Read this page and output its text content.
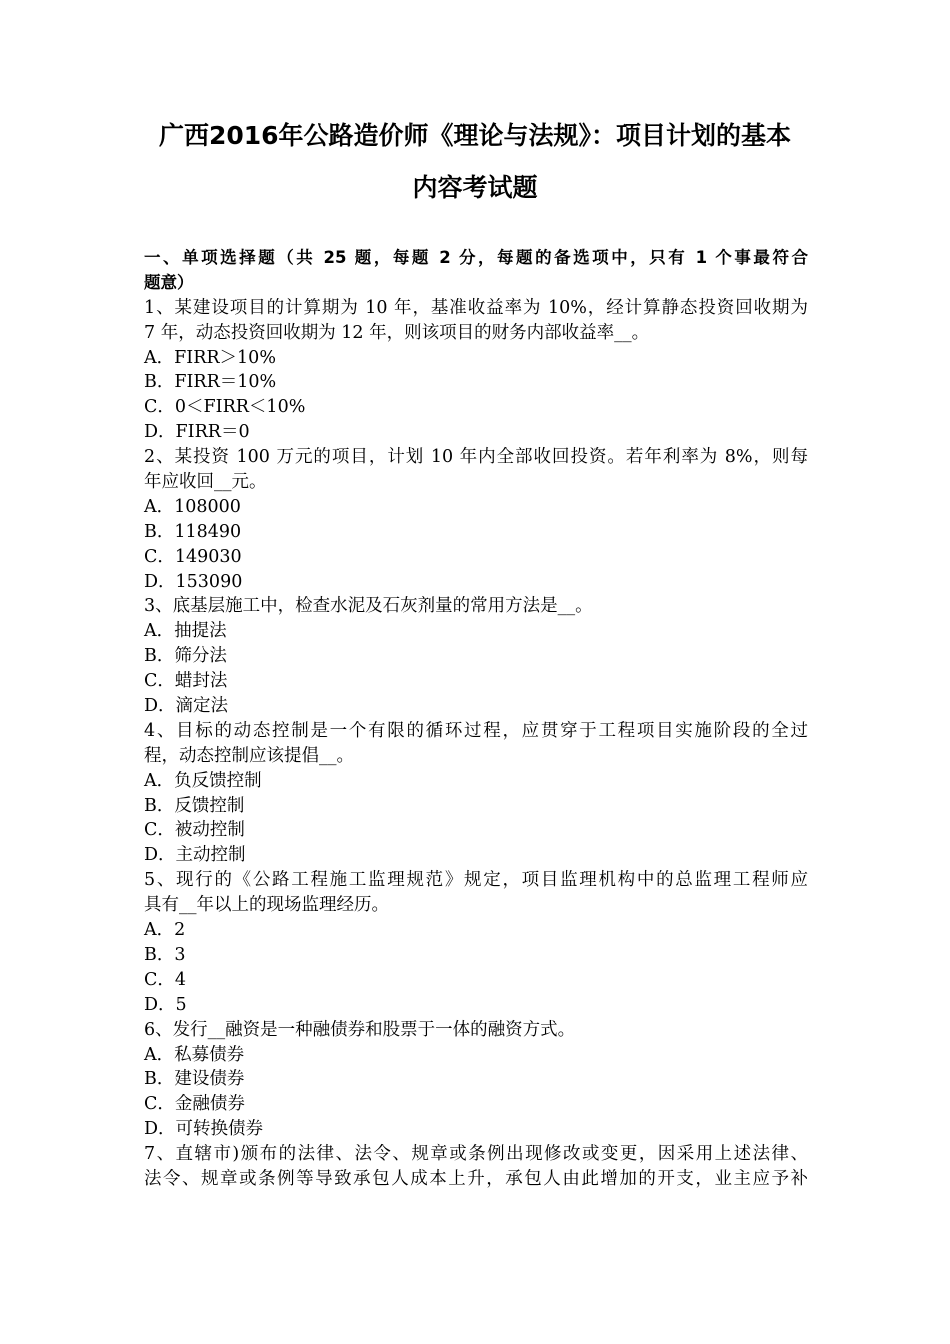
广西2016年公路造价师《理论与法规》：项目计划的基本
内容考试题
一、单项选择题（共 25 题，每题 2 分，每题的备选项中，只有 1 个事最符合
题意）
1、某建设项目的计算期为 10 年，基准收益率为 10%，经计算静态投资回收期为
7 年，动态投资回收期为 12 年，则该项目的财务内部收益率__。
A．FIRR＞10%
B．FIRR＝10%
C．0＜FIRR＜10%
D．FIRR＝0
2、某投资 100 万元的项目，计划 10 年内全部收回投资。若年利率为 8%，则每
年应收回__元。
A．108000
B．118490
C．149030
D．153090
3、底基层施工中，检查水泥及石灰剂量的常用方法是__。
A．抽提法
B．筛分法
C．蜡封法
D．滴定法
4、目标的动态控制是一个有限的循环过程，应贯穿于工程项目实施阶段的全过
程，动态控制应该提倡__。
A．负反馈控制
B．反馈控制
C．被动控制
D．主动控制
5、现行的《公路工程施工监理规范》规定，项目监理机构中的总监理工程师应
具有__年以上的现场监理经历。
A．2
B．3
C．4
D．5
6、发行__融资是一种融债券和股票于一体的融资方式。
A．私募债券
B．建设债券
C．金融债券
D．可转换债券
7、直辖市)颁布的法律、法令、规章或条例出现修改或变更，因采用上述法律、
法令、规章或条例等导致承包人成本上升，承包人由此增加的开支，业主应予补
